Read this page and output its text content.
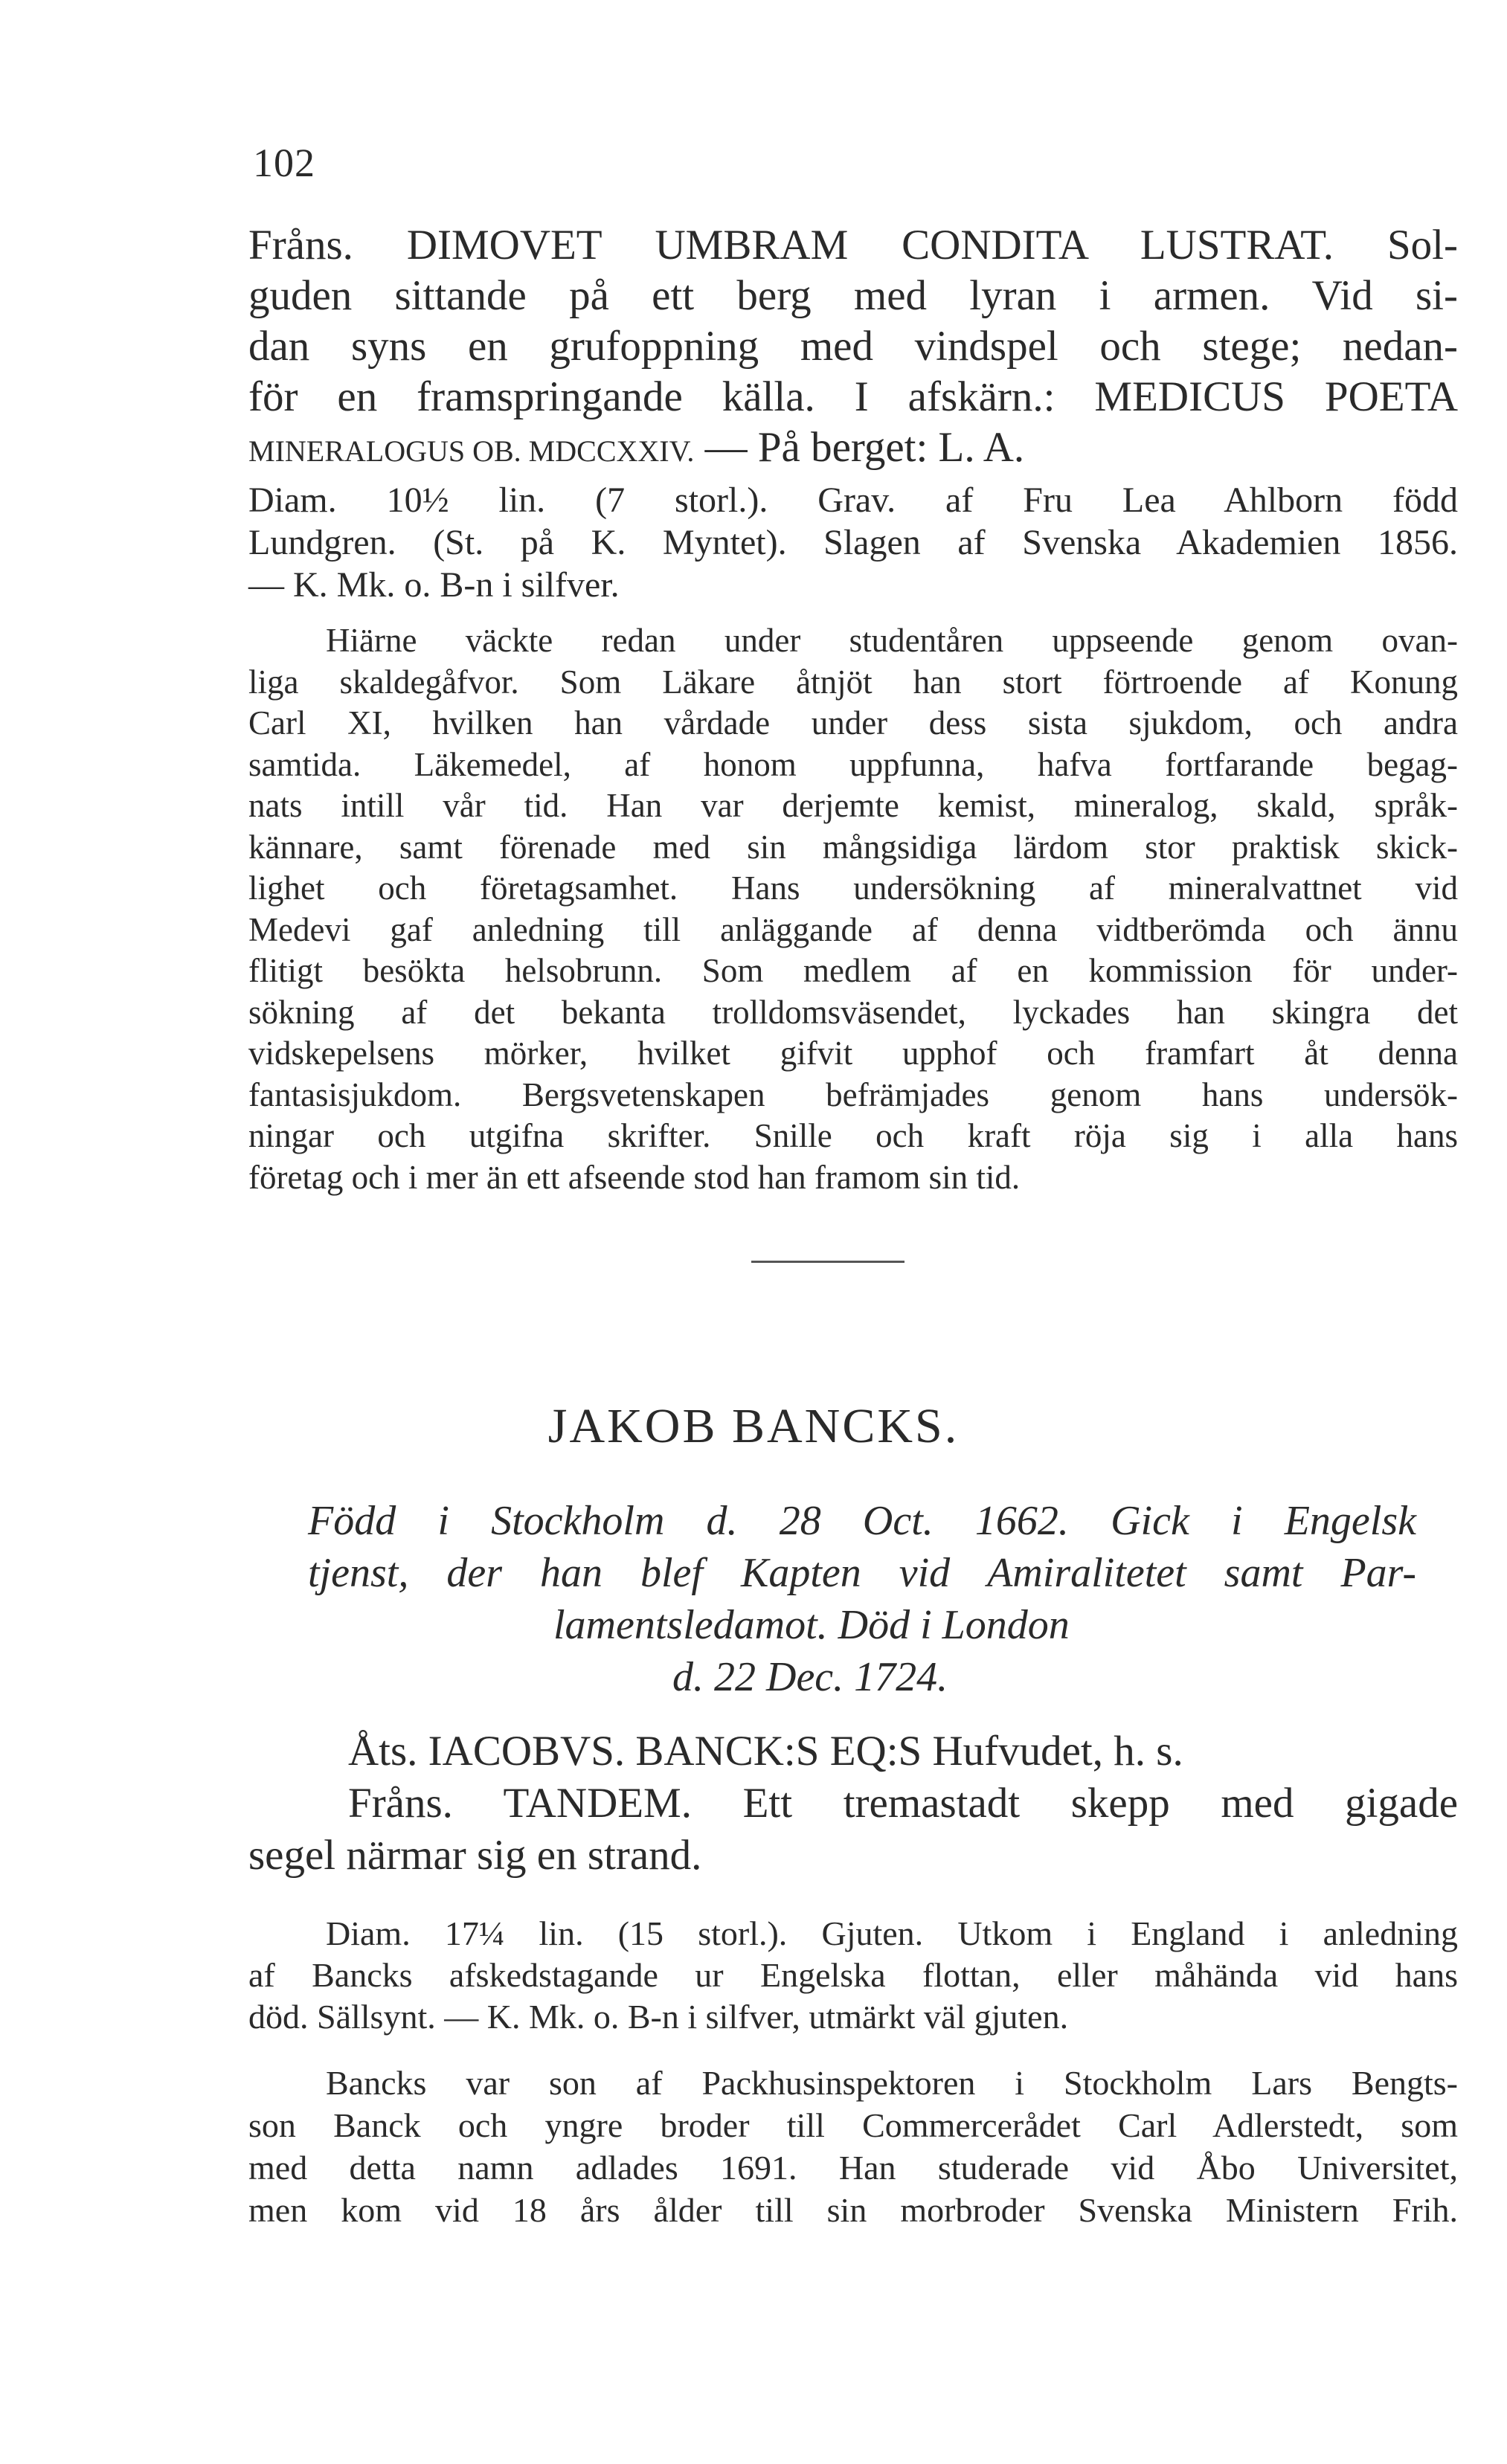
102
Fråns. DIMOVET UMBRAM CONDITA LUSTRAT. Sol-
guden sittande på ett berg med lyran i armen. Vid si-
dan syns en grufoppning med vindspel och stege; nedan-
för en framspringande källa. I afskärn.: MEDICUS POETA
MINERALOGUS OB. MDCCXXIV. — På berget: L. A.
Diam. 10½ lin. (7 storl.). Grav. af Fru Lea Ahlborn född
Lundgren. (St. på K. Myntet). Slagen af Svenska Akademien 1856.
— K. Mk. o. B-n i silfver.
Hiärne väckte redan under studentåren uppseende genom ovan-
liga skaldegåfvor. Som Läkare åtnjöt han stort förtroende af Konung
Carl XI, hvilken han vårdade under dess sista sjukdom, och andra
samtida. Läkemedel, af honom uppfunna, hafva fortfarande begag-
nats intill vår tid. Han var derjemte kemist, mineralog, skald, språk-
kännare, samt förenade med sin mångsidiga lärdom stor praktisk skick-
lighet och företagsamhet. Hans undersökning af mineralvattnet vid
Medevi gaf anledning till anläggande af denna vidtberömda och ännu
flitigt besökta helsobrunn. Som medlem af en kommission för under-
sökning af det bekanta trolldomsväsendet, lyckades han skingra det
vidskepelsens mörker, hvilket gifvit upphof och framfart åt denna
fantasisjukdom. Bergsvetenskapen befrämjades genom hans undersök-
ningar och utgifna skrifter. Snille och kraft röja sig i alla hans
företag och i mer än ett afseende stod han framom sin tid.
JAKOB BANCKS.
Född i Stockholm d. 28 Oct. 1662. Gick i Engelsk
tjenst, der han blef Kapten vid Amiralitetet samt Par-
lamentsledamot. Död i London
d. 22 Dec. 1724.
Åts. IACOBVS. BANCK:S EQ:S Hufvudet, h. s.
Fråns. TANDEM. Ett tremastadt skepp med gigade
segel närmar sig en strand.
Diam. 17¼ lin. (15 storl.). Gjuten. Utkom i England i anledning
af Bancks afskedstagande ur Engelska flottan, eller måhända vid hans
död. Sällsynt. — K. Mk. o. B-n i silfver, utmärkt väl gjuten.
Bancks var son af Packhusinspektoren i Stockholm Lars Bengts-
son Banck och yngre broder till Commercerådet Carl Adlerstedt, som
med detta namn adlades 1691. Han studerade vid Åbo Universitet,
men kom vid 18 års ålder till sin morbroder Svenska Ministern Frih.
